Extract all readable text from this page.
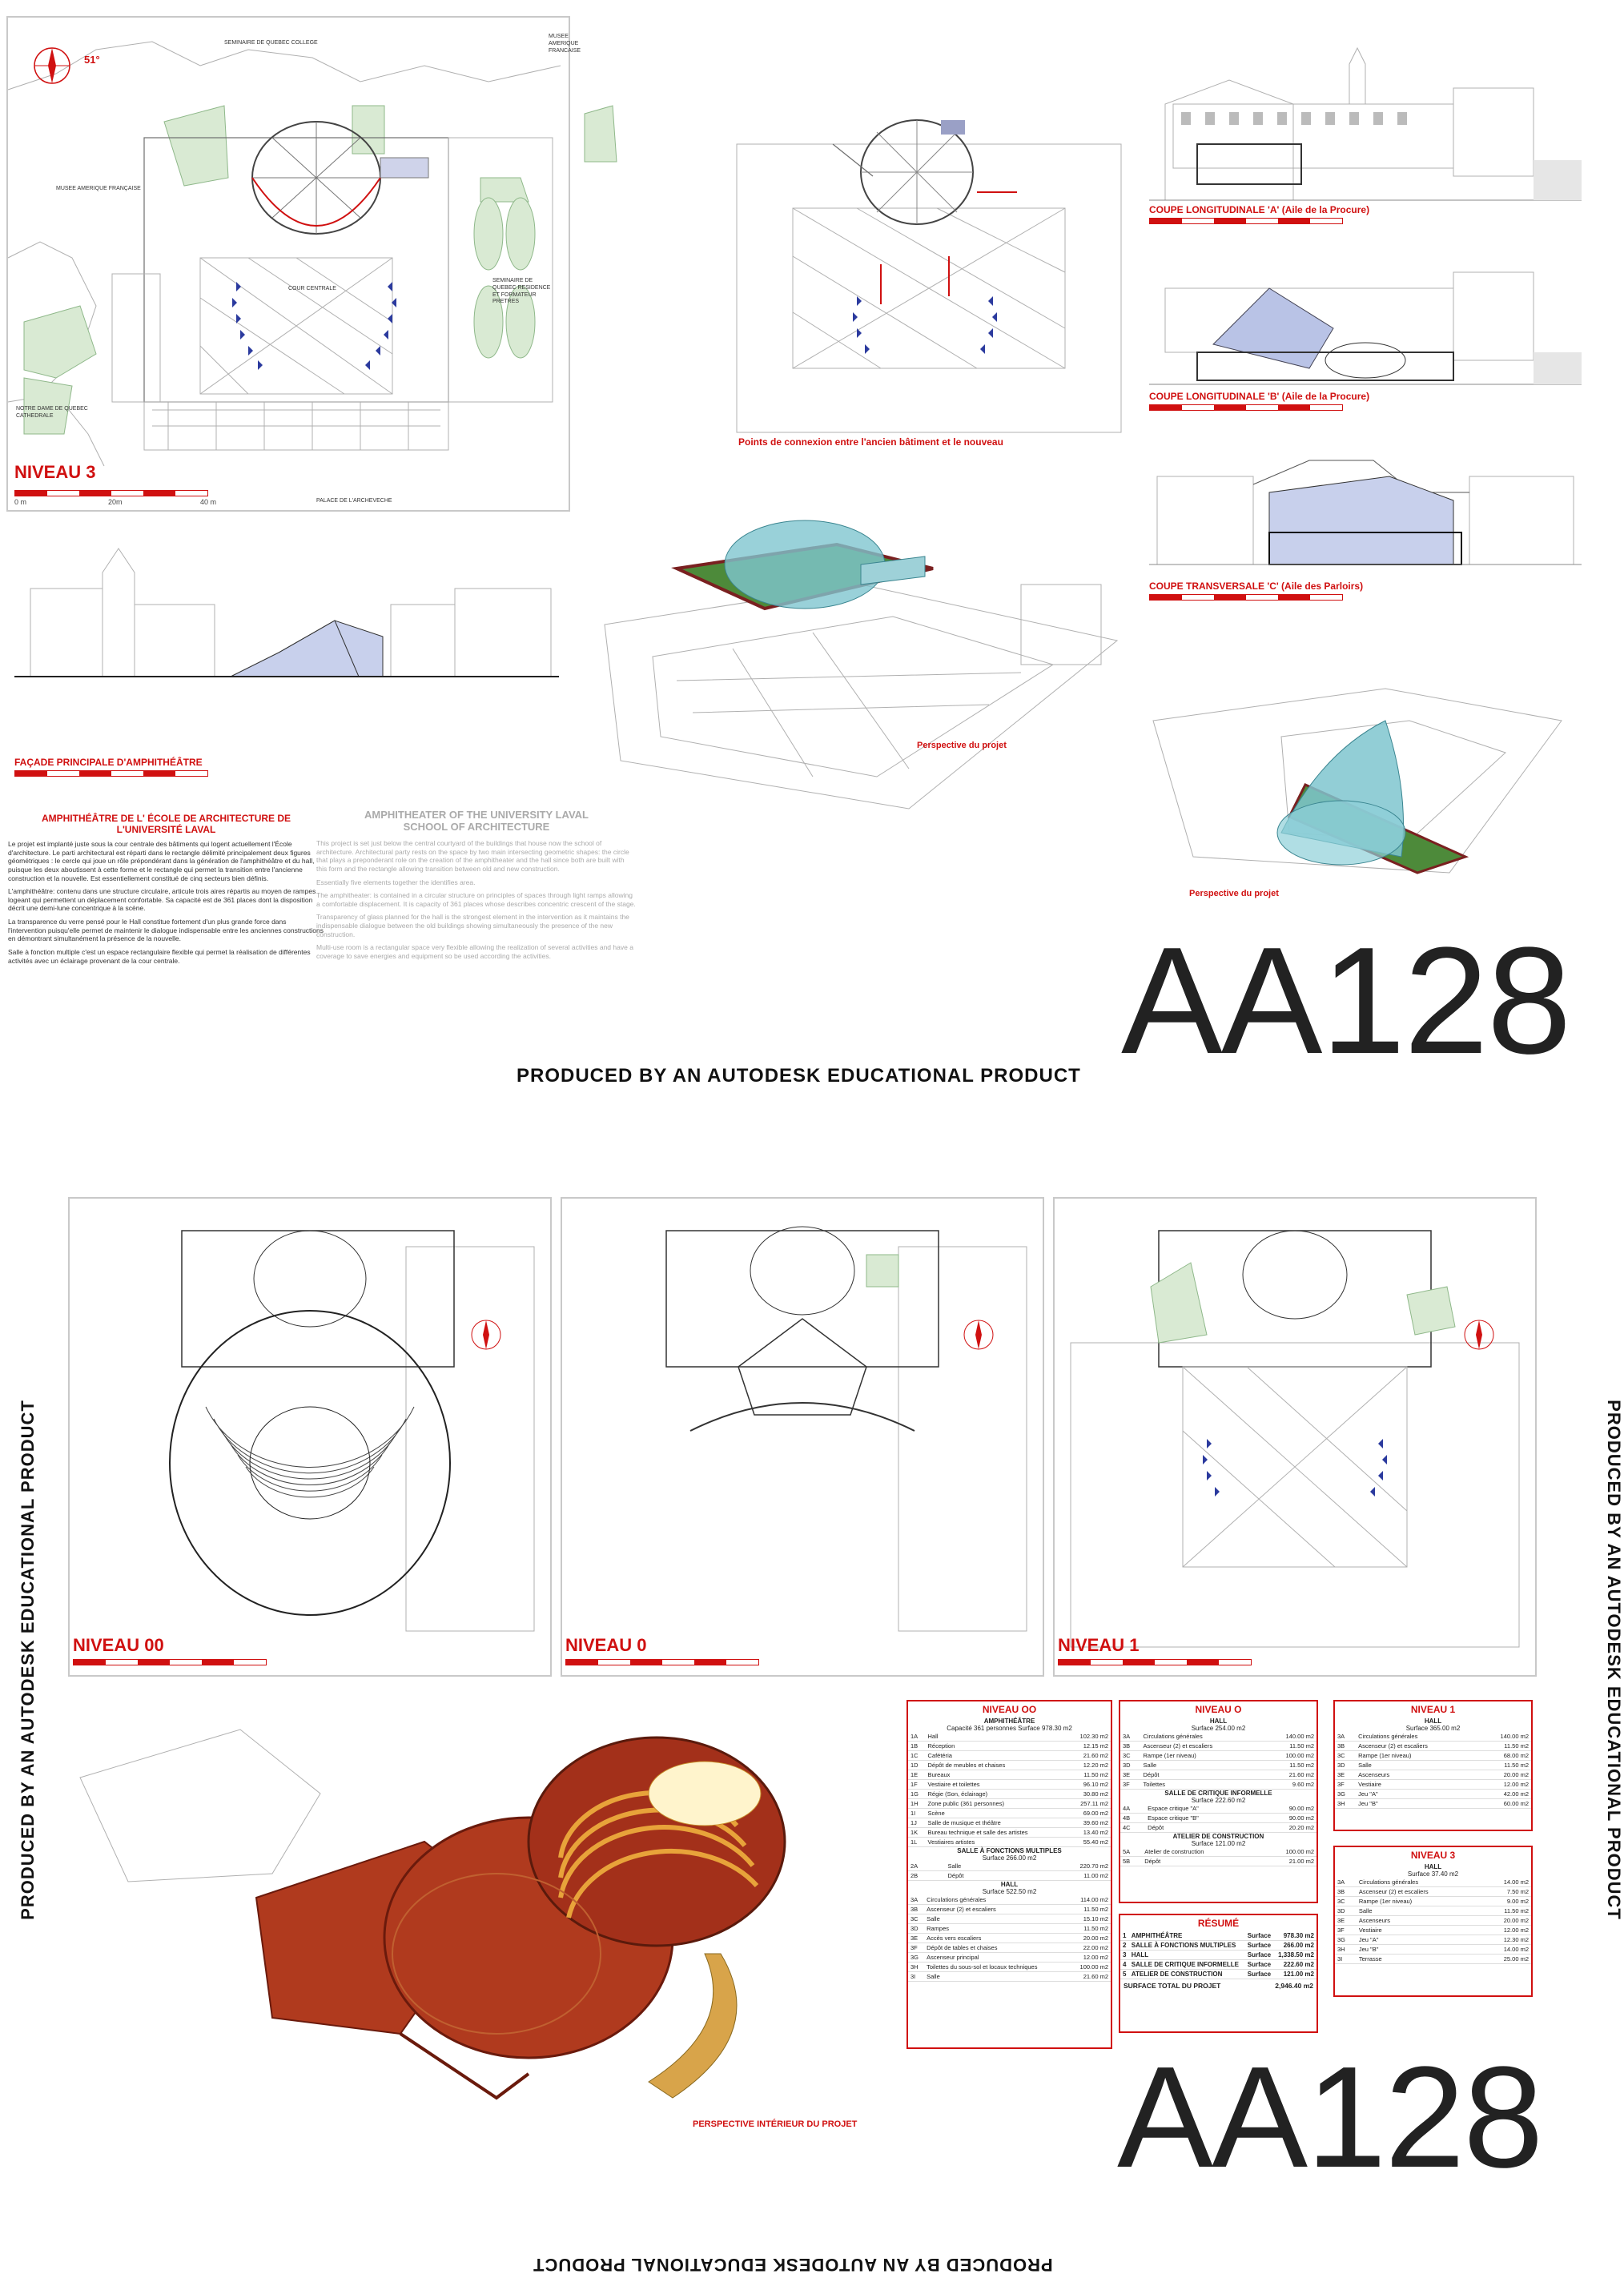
51°
SEMINAIRE DE QUEBEC COLLEGE
MUSEE AMERIQUE FRANCAISE
MUSEE AMERIQUE FRANÇAISE
COUR CENTRALE
SEMINAIRE DE QUEBEC RESIDENCE ET FORMATEUR PRETRES
NOTRE DAME DE QUEBEC CATHEDRALE
PALACE DE L'ARCHEVECHE
NIVEAU 3
0 m	20m	40 m
Points de connexion entre l'ancien bâtiment et le nouveau
COUPE LONGITUDINALE 'A' (Aile de la Procure)
COUPE LONGITUDINALE 'B' (Aile de la Procure)
COUPE TRANSVERSALE 'C' (Aile des Parloirs)
FAÇADE PRINCIPALE D'AMPHITHÉÂTRE
Perspective du projet
Perspective du projet
AMPHITHÉÂTRE DE L' ÉCOLE DE ARCHITECTURE DE L'UNIVERSITÉ LAVAL
Le projet est implanté juste sous la cour centrale des bâtiments qui logent actuellement l'École d'architecture. Le parti architectural est réparti dans le rectangle délimité principalement deux figures géométriques : le cercle qui joue un rôle prépondérant dans la génération de l'amphithéâtre et du hall, puisque les deux aboutissent à cette forme et le rectangle qui permet la transition entre l'ancienne construction et la nouvelle. Est essentiellement constitué de cinq secteurs bien définis.
L'amphithéâtre: contenu dans une structure circulaire, articule trois aires répartis au moyen de rampes logeant qui permettent un déplacement confortable. Sa capacité est de 361 places dont la disposition décrit une demi-lune concentrique à la scène.
La transparence du verre pensé pour le Hall constitue fortement d'un plus grande force dans l'intervention puisqu'elle permet de maintenir le dialogue indispensable entre les anciennes constructions en démontrant simultanément la présence de la nouvelle.
Salle à fonction multiple c'est un espace rectangulaire flexible qui permet la réalisation de différentes activités avec un éclairage provenant de la cour centrale.
AMPHITHEATER OF THE UNIVERSITY LAVAL
SCHOOL OF ARCHITECTURE
This project is set just below the central courtyard of the buildings that house now the school of architecture. Architectural party rests on the space by two main intersecting geometric shapes: the circle that plays a preponderant role on the creation of the amphitheater and the hall since both are built with this form and the rectangle allowing transition between old and new construction.
Essentially five elements together the identifies area.
The amphitheater: is contained in a circular structure on principles of spaces through light ramps allowing a comfortable displacement. It is capacity of 361 places whose describes concentric crescent of the stage.
Transparency of glass planned for the hall is the strongest element in the intervention as it maintains the indispensable dialogue between the old buildings showing simultaneously the presence of the new construction.
Multi-use room is a rectangular space very flexible allowing the realization of several activities and have a coverage to save energies and equipment so be used according the activities.	AA128
PRODUCED BY AN AUTODESK EDUCATIONAL PRODUCT
NIVEAU 00	NIVEAU 0	NIVEAU 1
PERSPECTIVE INTÉRIEUR DU PROJET
NIVEAU OO
AMPHITHÉÂTRE
Capacité 361 personnes Surface 978.30 m2
1A	Hall	102.30 m2
1B	Réception	12.15 m2
1C	Cafétéria	21.60 m2
1D	Dépôt de meubles et chaises	12.20 m2
1E	Bureaux	11.50 m2
1F	Vestiaire et toilettes	96.10 m2
1G	Régie (Son, éclairage)	30.80 m2
1H	Zone public (361 personnes)	257.11 m2
1I	Scène	69.00 m2
1J	Salle de musique et théâtre	39.60 m2
1K	Bureau technique et salle des artistes	13.40 m2
1L	Vestiaires artistes	55.40 m2
SALLE À FONCTIONS MULTIPLES
Surface 266.00 m2
2A	Salle	220.70 m2
2B	Dépôt	11.00 m2
HALL
Surface 522.50 m2
3A	Circulations générales	114.00 m2
3B	Ascenseur (2) et escaliers	11.50 m2
3C	Salle	15.10 m2
3D	Rampes	11.50 m2
3E	Accès vers escaliers	20.00 m2
3F	Dépôt de tables et chaises	22.00 m2
3G	Ascenseur principal	12.00 m2
3H	Toilettes du sous-sol et locaux techniques	100.00 m2
3I	Salle	21.60 m2
NIVEAU O
HALL
Surface 254.00 m2
3A	Circulations générales	140.00 m2
3B	Ascenseur (2) et escaliers	11.50 m2
3C	Rampe (1er niveau)	100.00 m2
3D	Salle	11.50 m2
3E	Dépôt	21.60 m2
3F	Toilettes	9.60 m2
SALLE DE CRITIQUE INFORMELLE
Surface 222.60 m2
4A	Espace critique "A"	90.00 m2
4B	Espace critique "B"	90.00 m2
4C	Dépôt	20.20 m2
ATELIER DE CONSTRUCTION
Surface 121.00 m2
5A	Atelier de construction	100.00 m2
5B	Dépôt	21.00 m2
NIVEAU 1
HALL
Surface 365.00 m2
3A	Circulations générales	140.00 m2
3B	Ascenseur (2) et escaliers	11.50 m2
3C	Rampe (1er niveau)	68.00 m2
3D	Salle	11.50 m2
3E	Ascenseurs	20.00 m2
3F	Vestiaire	12.00 m2
3G	Jeu "A"	42.00 m2
3H	Jeu "B"	60.00 m2
NIVEAU 3
HALL
Surface 37.40 m2
3A	Circulations générales	14.00 m2
3B	Ascenseur (2) et escaliers	7.50 m2
3C	Rampe (1er niveau)	9.00 m2
3D	Salle	11.50 m2
3E	Ascenseurs	20.00 m2
3F	Vestiaire	12.00 m2
3G	Jeu "A"	12.30 m2
3H	Jeu "B"	14.00 m2
3I	Terrasse	25.00 m2
RÉSUMÉ
1	AMPHITHÉÂTRE	Surface	978.30 m2
2	SALLE À FONCTIONS MULTIPLES	Surface	266.00 m2
3	HALL	Surface	1,338.50 m2
4	SALLE DE CRITIQUE INFORMELLE	Surface	222.60 m2
5	ATELIER DE CONSTRUCTION	Surface	121.00 m2
SURFACE TOTAL DU PROJET	2,946.40 m2
AA128
PRODUCED BY AN AUTODESK EDUCATIONAL PRODUCT	PRODUCED BY AN AUTODESK EDUCATIONAL PRODUCT
PRODUCED BY AN AUTODESK EDUCATIONAL PRODUCT
